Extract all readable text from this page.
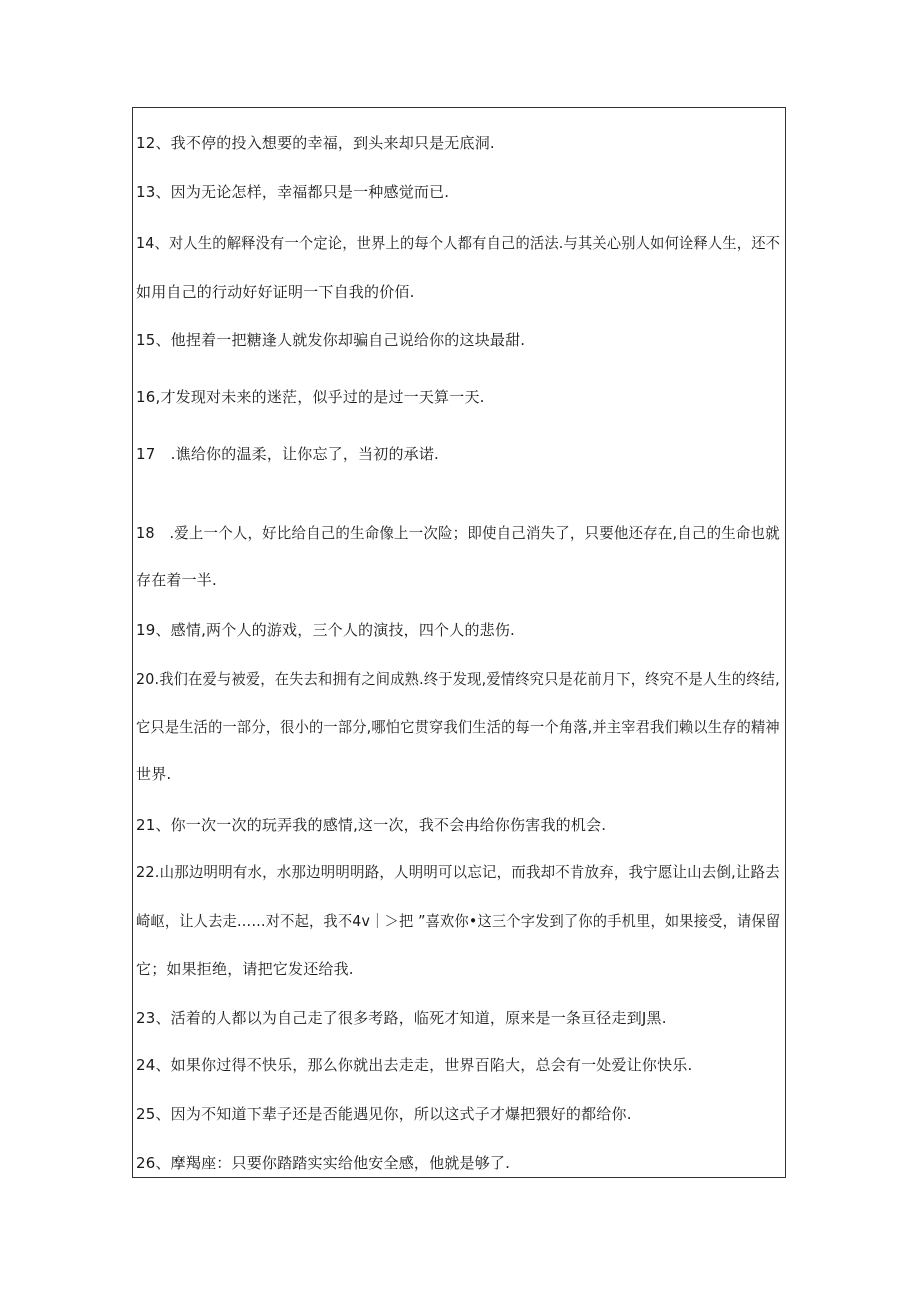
12、我不停的投入想要的幸福，到头来却只是无底洞.
13、因为无论怎样，幸福都只是一种感觉而已.
14、对人生的解释没有一个定论，世界上的每个人都有自己的活法.与其关心别人如何诠释人生，还不
如用自己的行动好好证明一下自我的价佰.
15、他捏着一把糖逢人就发你却骗自己说给你的这块最甜.
16,才发现对未来的迷茫，似乎过的是过一天算一天.
17　.谯给你的温柔，让你忘了，当初的承诺.
18　.爱上一个人，好比给自己的生命像上一次险；即使自己消失了，只要他还存在,自己的生命也就
存在着一半.
19、感情,两个人的游戏，三个人的演技，四个人的悲伤.
20.我们在爱与被爱，在失去和拥有之间成熟.终于发现,爱情终究只是花前月下，终究不是人生的终结,
它只是生活的一部分，很小的一部分,哪怕它贯穿我们生活的每一个角落,并主宰君我们赖以生存的精神
世界.
21、你一次一次的玩弄我的感情,这一次，我不会冉给你伤害我的机会.
22.山那边明明有水，水那边明明明路，人明明可以忘记，而我却不肯放弃，我宁愿让山去倒,让路去
崎岖，让人去走……对不起，我不4v｜＞把 ”喜欢你•这三个字发到了你的手机里，如果接受，请保留
它；如果拒绝，请把它发还给我.
23、活着的人都以为自己走了很多考路，临死才知道，原来是一条亘径走到J黑.
24、如果你过得不快乐，那么你就出去走走，世界百陷大，总会有一处爱让你快乐.
25、因为不知道下辈子还是否能遇见你，所以这式子才爆把猥好的都给你.
26、摩羯座：只要你踏踏实实给他安全感，他就是够了.
